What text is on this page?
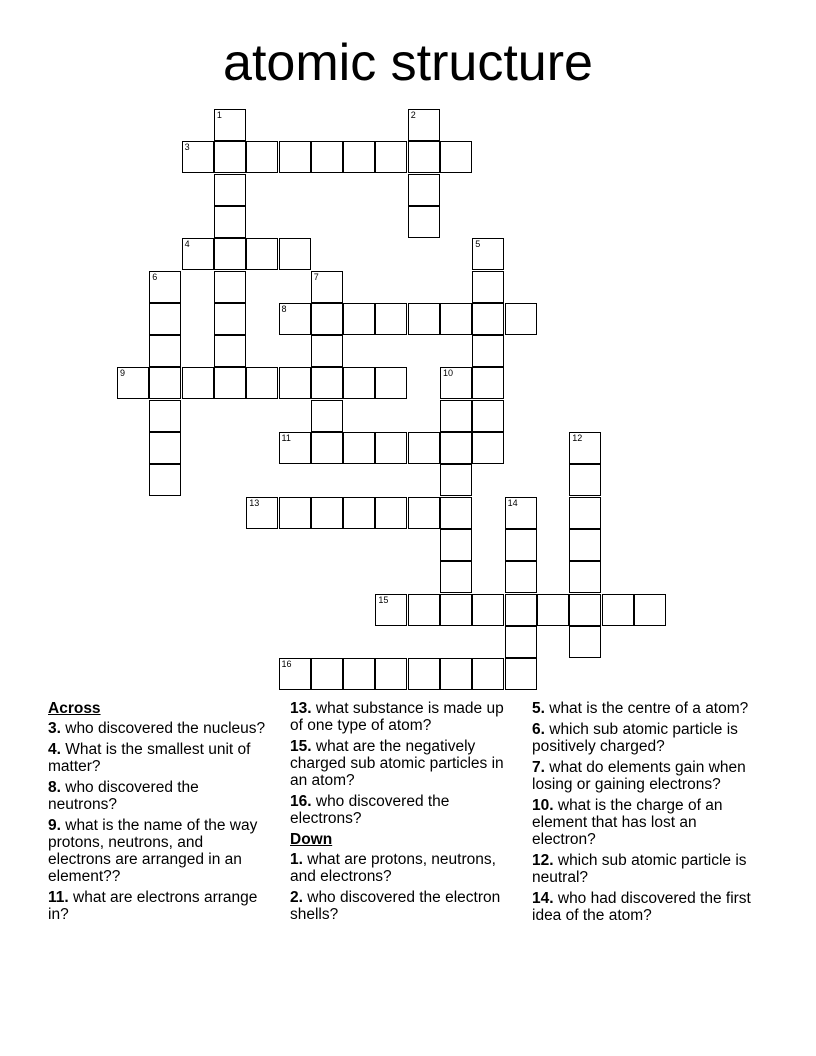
atomic structure
1	2
3
4	5
6	7
8
9	10
11	12
13	14
15
16
Across
3. who discovered the nucleus?
4. What is the smallest unit of matter?
8. who discovered the neutrons?
9. what is the name of the way protons, neutrons, and electrons are arranged in an element??
11. what are electrons arrange in?
13. what substance is made up of one type of atom?
15. what are the negatively charged sub atomic particles in an atom?
16. who discovered the electrons?
Down
1. what are protons, neutrons, and electrons?
2. who discovered the electron shells?
5. what is the centre of a atom?
6. which sub atomic particle is positively charged?
7. what do elements gain when losing or gaining electrons?
10. what is the charge of an element that has lost an electron?
12. which sub atomic particle is neutral?
14. who had discovered the first idea of the atom?
